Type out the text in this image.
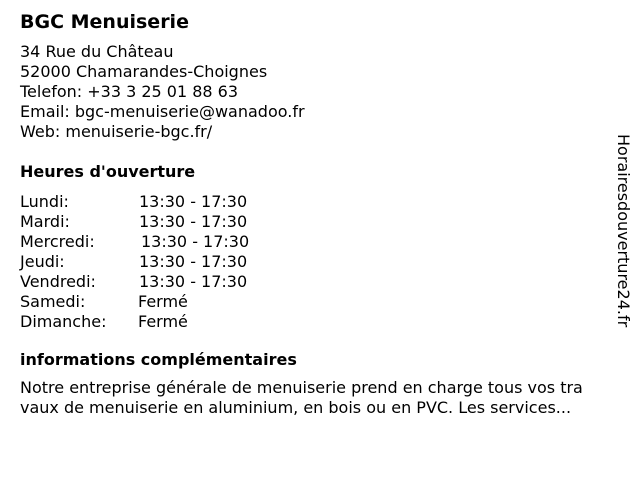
BGC Menuiserie
34 Rue du Château
52000 Chamarandes-Choignes
Telefon: +33 3 25 01 88 63
Email: bgc-menuiserie@wanadoo.fr
Web: menuiserie-bgc.fr/
Heures d'ouverture
Lundi:	13:30 - 17:30
Mardi:	13:30 - 17:30
Mercredi:	13:30 - 17:30
Jeudi:	13:30 - 17:30
Vendredi:	13:30 - 17:30
Samedi:	Fermé
Dimanche:	Fermé
informations complémentaires
Notre entreprise générale de menuiserie prend en charge tous vos tra
vaux de menuiserie en aluminium, en bois ou en PVC. Les services...
Horairesdouverture24.fr
